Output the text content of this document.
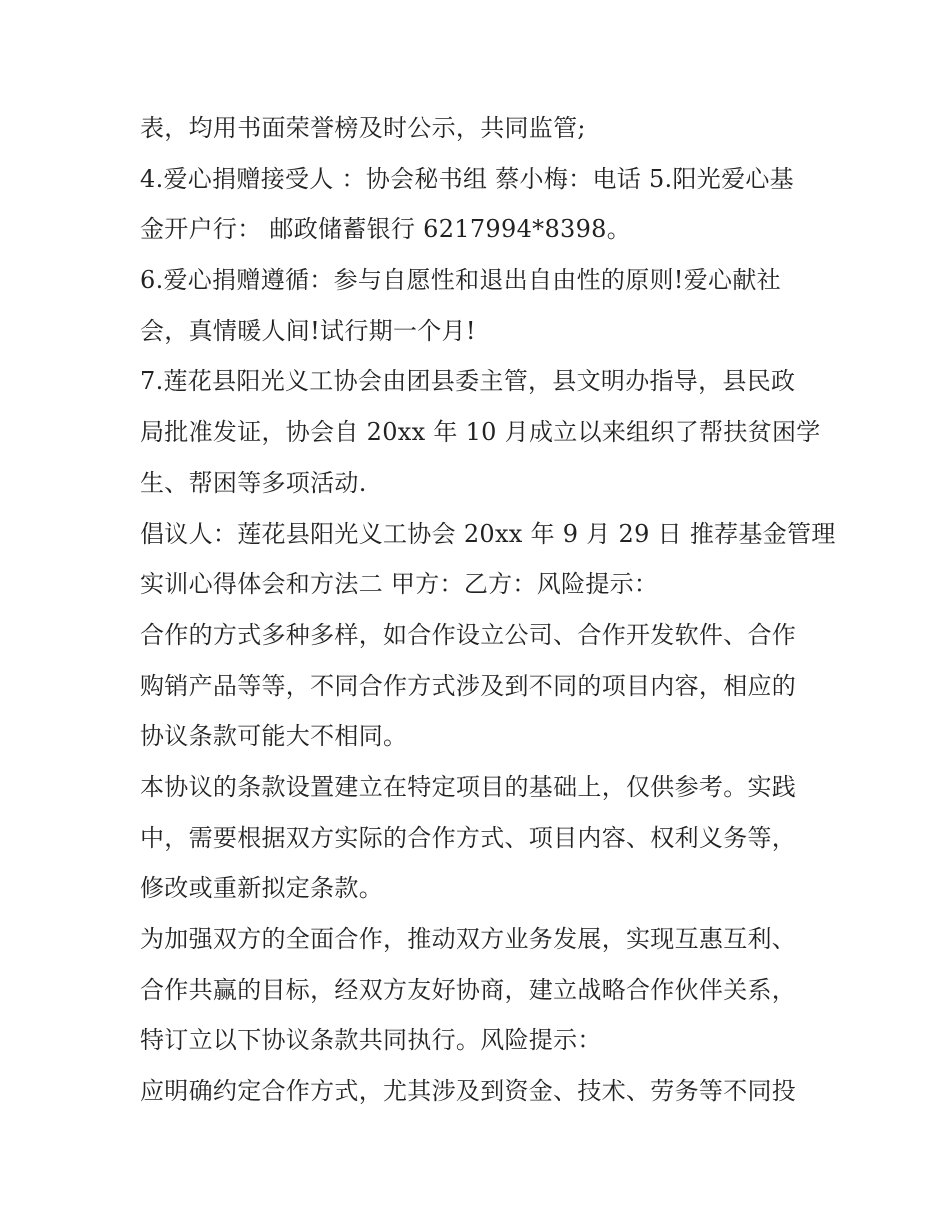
表，均用书面荣誉榜及时公示，共同监管;
4.爱心捐赠接受人 ：协会秘书组 蔡小梅：电话 5.阳光爱心基
金开户行： 邮政储蓄银行 6217994*8398。
6.爱心捐赠遵循：参与自愿性和退出自由性的原则!爱心献社
会，真情暖人间!试行期一个月!
7.莲花县阳光义工协会由团县委主管，县文明办指导，县民政
局批准发证，协会自 20xx 年 10 月成立以来组织了帮扶贫困学
生、帮困等多项活动.
倡议人：莲花县阳光义工协会 20xx 年 9 月 29 日 推荐基金管理
实训心得体会和方法二 甲方：乙方：风险提示：
合作的方式多种多样，如合作设立公司、合作开发软件、合作
购销产品等等，不同合作方式涉及到不同的项目内容，相应的
协议条款可能大不相同。
本协议的条款设置建立在特定项目的基础上，仅供参考。实践
中，需要根据双方实际的合作方式、项目内容、权利义务等，
修改或重新拟定条款。
为加强双方的全面合作，推动双方业务发展，实现互惠互利、
合作共赢的目标，经双方友好协商，建立战略合作伙伴关系，
特订立以下协议条款共同执行。风险提示：
应明确约定合作方式，尤其涉及到资金、技术、劳务等不同投
